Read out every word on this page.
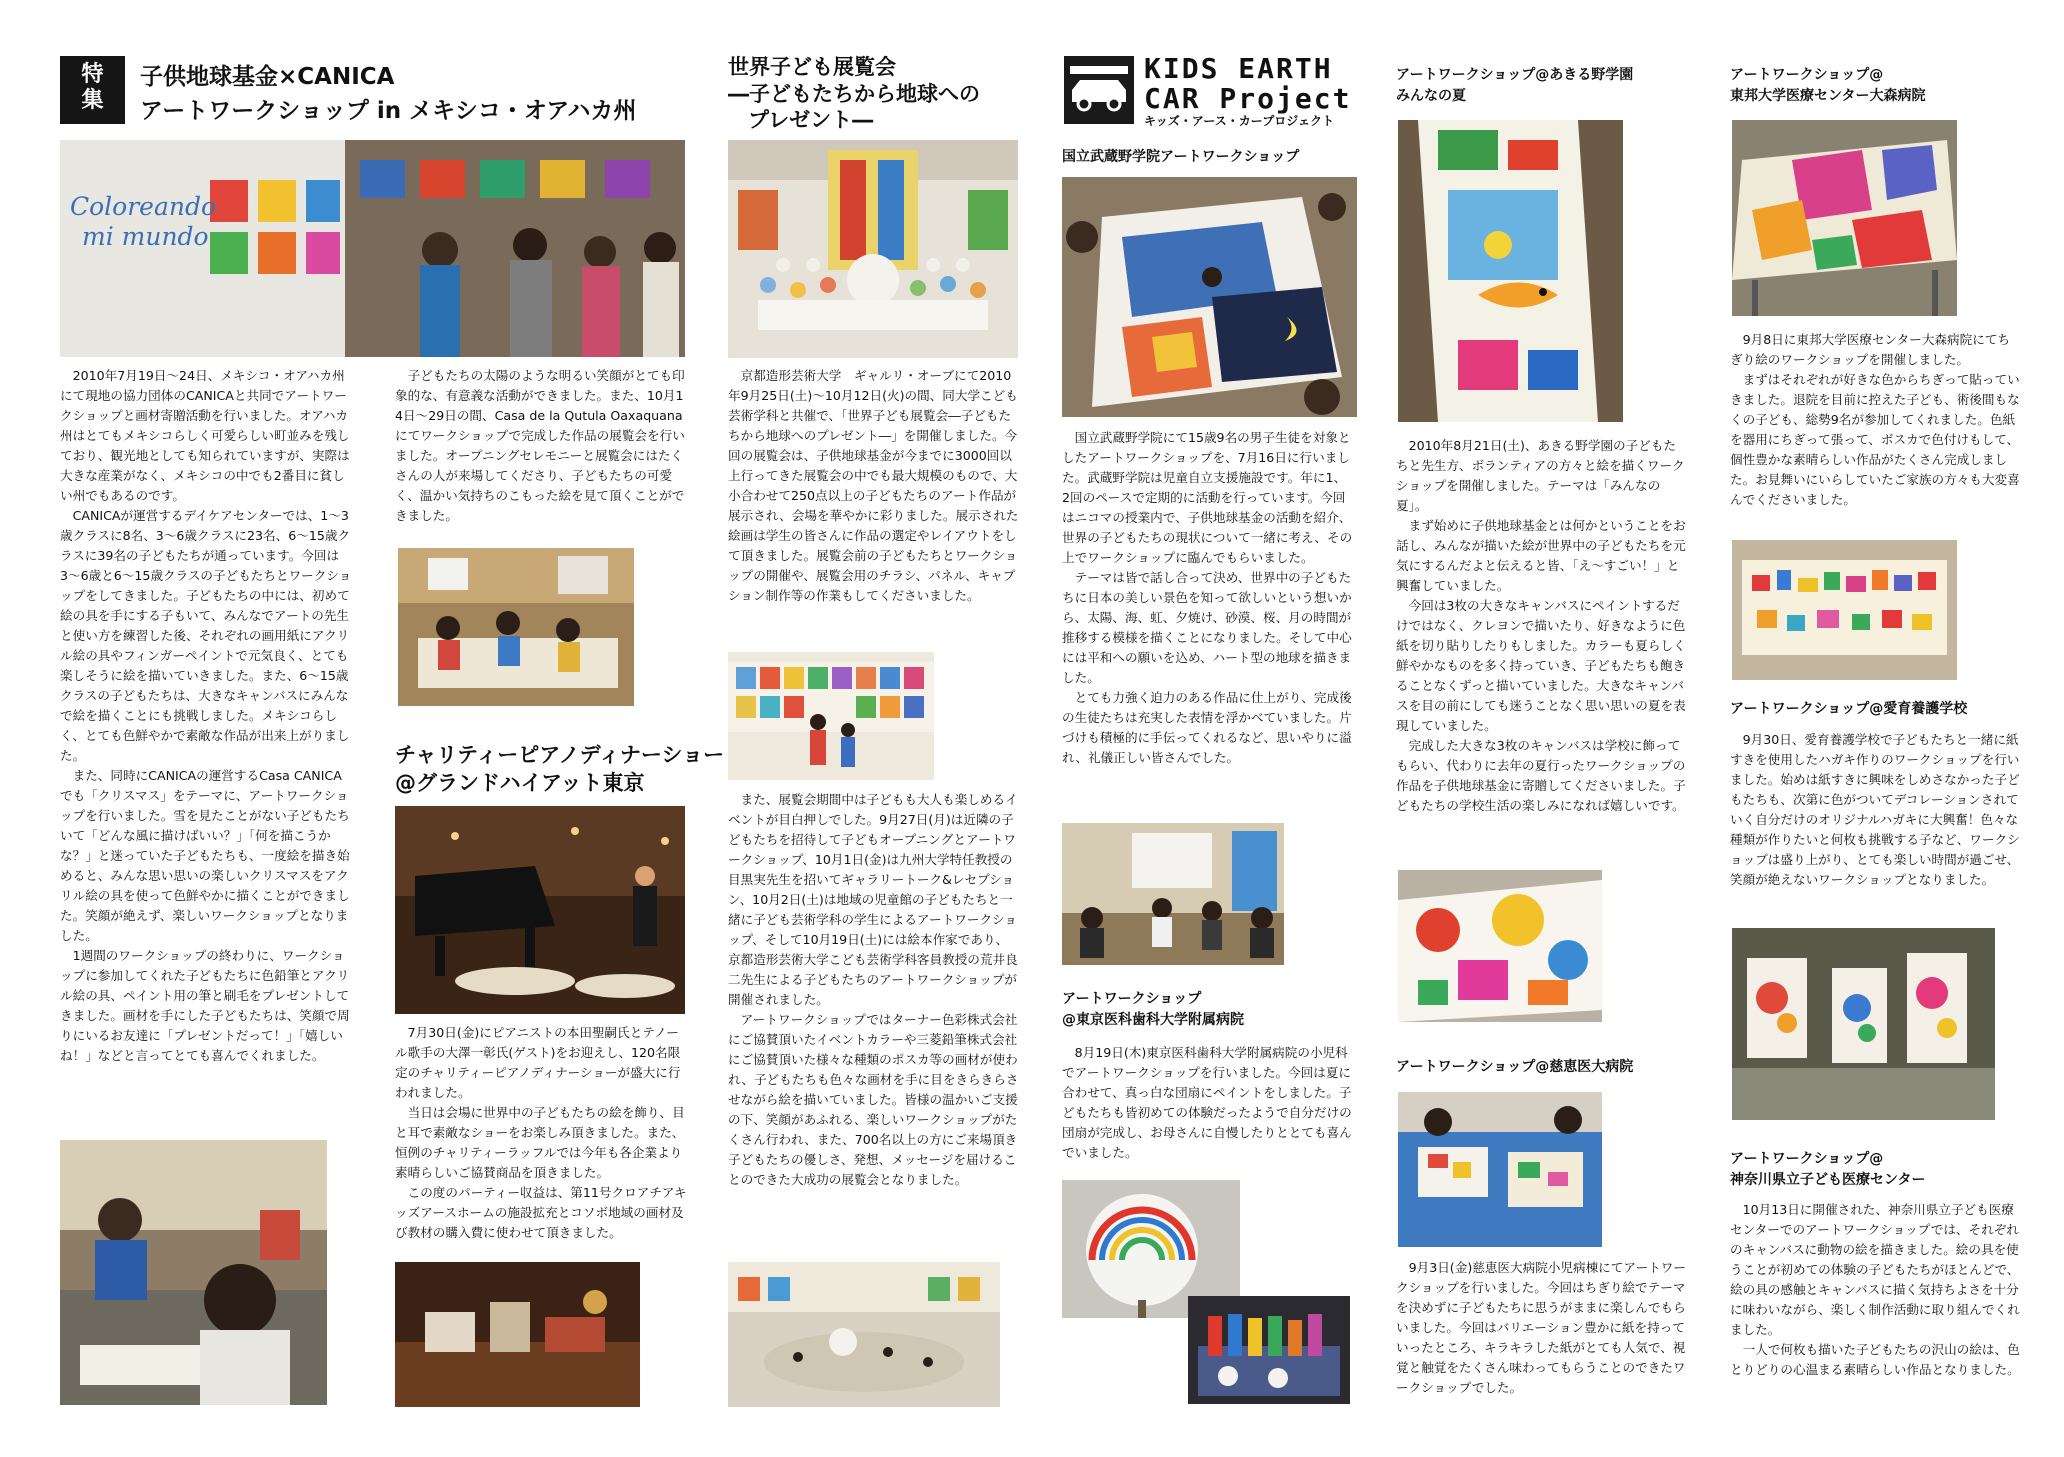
特
集
子供地球基金×CANICA
アートワークショップ in メキシコ・オアハカ州
Coloreando
mi mundo
　2010年7月19日〜24日、メキシコ・オアハカ州にて現地の協力団体のCANICAと共同でアートワークショップと画材寄贈活動を行いました。オアハカ州はとてもメキシコらしく可愛らしい町並みを残しており、観光地としても知られていますが、実際は大きな産業がなく、メキシコの中でも2番目に貧しい州でもあるのです。
　CANICAが運営するデイケアセンターでは、1〜3歳クラスに8名、3〜6歳クラスに23名、6〜15歳クラスに39名の子どもたちが通っています。今回は3〜6歳と6〜15歳クラスの子どもたちとワークショップをしてきました。子どもたちの中には、初めて絵の具を手にする子もいて、みんなでアートの先生と使い方を練習した後、それぞれの画用紙にアクリル絵の具やフィンガーペイントで元気良く、とても楽しそうに絵を描いていきました。また、6〜15歳クラスの子どもたちは、大きなキャンバスにみんなで絵を描くことにも挑戦しました。メキシコらしく、とても色鮮やかで素敵な作品が出来上がりました。
　また、同時にCANICAの運営するCasa CANICAでも「クリスマス」をテーマに、アートワークショップを行いました。雪を見たことがない子どもたちいて「どんな風に描けばいい？」「何を描こうかな？」と迷っていた子どもたちも、一度絵を描き始めると、みんな思い思いの楽しいクリスマスをアクリル絵の具を使って色鮮やかに描くことができました。笑顔が絶えず、楽しいワークショップとなりました。
　1週間のワークショップの終わりに、ワークショップに参加してくれた子どもたちに色鉛筆とアクリル絵の具、ペイント用の筆と刷毛をプレゼントしてきました。画材を手にした子どもたちは、笑顔で周りにいるお友達に「プレゼントだって！」「嬉しいね！」などと言ってとても喜んでくれました。
　子どもたちの太陽のような明るい笑顔がとても印象的な、有意義な活動ができました。また、10月14日〜29日の間、Casa de la Qutula Oaxaquanaにてワークショップで完成した作品の展覧会を行いました。オープニングセレモニーと展覧会にはたくさんの人が来場してくださり、子どもたちの可愛く、温かい気持ちのこもった絵を見て頂くことができました。
チャリティーピアノディナーショー
@グランドハイアット東京
　7月30日(金)にピアニストの本田聖嗣氏とテノール歌手の大澤一彰氏(ゲスト)をお迎えし、120名限定のチャリティーピアノディナーショーが盛大に行われました。
　当日は会場に世界中の子どもたちの絵を飾り、目と耳で素敵なショーをお楽しみ頂きました。また、恒例のチャリティーラッフルでは今年も各企業より素晴らしいご協賛商品を頂きました。
　この度のパーティー収益は、第11号クロアチアキッズアースホームの施設拡充とコソボ地域の画材及び教材の購入費に使わせて頂きました。
世界子ども展覧会
―子どもたちから地球への
プレゼント―
　京都造形芸術大学　ギャルリ・オーブにて2010年9月25日(土)〜10月12日(火)の間、同大学こども芸術学科と共催で、「世界子ども展覧会―子どもたちから地球へのプレゼント―」を開催しました。今回の展覧会は、子供地球基金が今までに3000回以上行ってきた展覧会の中でも最大規模のもので、大小合わせて250点以上の子どもたちのアート作品が展示され、会場を華やかに彩りました。展示された絵画は学生の皆さんに作品の選定やレイアウトをして頂きました。展覧会前の子どもたちとワークショップの開催や、展覧会用のチラシ、パネル、キャプション制作等の作業もしてくださいました。
　また、展覧会期間中は子どもも大人も楽しめるイベントが目白押しでした。9月27日(月)は近隣の子どもたちを招待して子どもオープニングとアートワークショップ、10月1日(金)は九州大学特任教授の目黒実先生を招いてギャラリートーク&レセプション、10月2日(土)は地域の児童館の子どもたちと一緒に子ども芸術学科の学生によるアートワークショップ、そして10月19日(土)には絵本作家であり、京都造形芸術大学こども芸術学科客員教授の荒井良二先生による子どもたちのアートワークショップが開催されました。
　アートワークショップではターナー色彩株式会社にご協賛頂いたイベントカラーや三菱鉛筆株式会社にご協賛頂いた様々な種類のポスカ等の画材が使われ、子どもたちも色々な画材を手に目をきらきらさせながら絵を描いていました。皆様の温かいご支援の下、笑顔があふれる、楽しいワークショップがたくさん行われ、また、700名以上の方にご来場頂き子どもたちの優しさ、発想、メッセージを届けることのできた大成功の展覧会となりました。
KIDS EARTH
CAR Project
キッズ・アース・カープロジェクト
国立武蔵野学院アートワークショップ
　国立武蔵野学院にて15歳9名の男子生徒を対象としたアートワークショップを、7月16日に行いました。武蔵野学院は児童自立支援施設です。年に1、2回のペースで定期的に活動を行っています。今回はニコマの授業内で、子供地球基金の活動を紹介、世界の子どもたちの現状について一緒に考え、その上でワークショップに臨んでもらいました。
　テーマは皆で話し合って決め、世界中の子どもたちに日本の美しい景色を知って欲しいという想いから、太陽、海、虹、夕焼け、砂漠、桜、月の時間が推移する模様を描くことになりました。そして中心には平和への願いを込め、ハート型の地球を描きました。
　とても力強く迫力のある作品に仕上がり、完成後の生徒たちは充実した表情を浮かべていました。片づけも積極的に手伝ってくれるなど、思いやりに溢れ、礼儀正しい皆さんでした。
アートワークショップ
@東京医科歯科大学附属病院
　8月19日(木)東京医科歯科大学附属病院の小児科でアートワークショップを行いました。今回は夏に合わせて、真っ白な団扇にペイントをしました。子どもたちも皆初めての体験だったようで自分だけの団扇が完成し、お母さんに自慢したりととても喜んでいました。
アートワークショップ@あきる野学園
みんなの夏
　2010年8月21日(土)、あきる野学園の子どもたちと先生方、ボランティアの方々と絵を描くワークショップを開催しました。テーマは「みんなの夏」。
　まず始めに子供地球基金とは何かということをお話し、みんなが描いた絵が世界中の子どもたちを元気にするんだよと伝えると皆、「え〜すごい！」と興奮していました。
　今回は3枚の大きなキャンバスにペイントするだけではなく、クレヨンで描いたり、好きなように色紙を切り貼りしたりもしました。カラーも夏らしく鮮やかなものを多く持っていき、子どもたちも飽きることなくずっと描いていました。大きなキャンバスを目の前にしても迷うことなく思い思いの夏を表現していました。
　完成した大きな3枚のキャンバスは学校に飾ってもらい、代わりに去年の夏行ったワークショップの作品を子供地球基金に寄贈してくださいました。子どもたちの学校生活の楽しみになれば嬉しいです。
アートワークショップ@慈恵医大病院
　9月3日(金)慈恵医大病院小児病棟にてアートワークショップを行いました。今回はちぎり絵でテーマを決めずに子どもたちに思うがままに楽しんでもらいました。今回はバリエーション豊かに紙を持っていったところ、キラキラした紙がとても人気で、視覚と触覚をたくさん味わってもらうことのできたワークショップでした。
アートワークショップ@
東邦大学医療センター大森病院
　9月8日に東邦大学医療センター大森病院にてちぎり絵のワークショップを開催しました。
　まずはそれぞれが好きな色からちぎって貼っていきました。退院を目前に控えた子ども、術後間もなくの子ども、総勢9名が参加してくれました。色紙を器用にちぎって張って、ボスカで色付けもして、個性豊かな素晴らしい作品がたくさん完成しました。お見舞いにいらしていたご家族の方々も大変喜んでくださいました。
アートワークショップ@愛育養護学校
　9月30日、愛育養護学校で子どもたちと一緒に紙すきを使用したハガキ作りのワークショップを行いました。始めは紙すきに興味をしめさなかった子どもたちも、次第に色がついてデコレーションされていく自分だけのオリジナルハガキに大興奮！色々な種類が作りたいと何枚も挑戦する子など、ワークショップは盛り上がり、とても楽しい時間が過ごせ、笑顔が絶えないワークショップとなりました。
アートワークショップ@
神奈川県立子ども医療センター
　10月13日に開催された、神奈川県立子ども医療センターでのアートワークショップでは、それぞれのキャンバスに動物の絵を描きました。絵の具を使うことが初めての体験の子どもたちがほとんどで、絵の具の感触とキャンバスに描く気持ちよさを十分に味わいながら、楽しく制作活動に取り組んでくれました。
　一人で何枚も描いた子どもたちの沢山の絵は、色とりどりの心温まる素晴らしい作品となりました。
